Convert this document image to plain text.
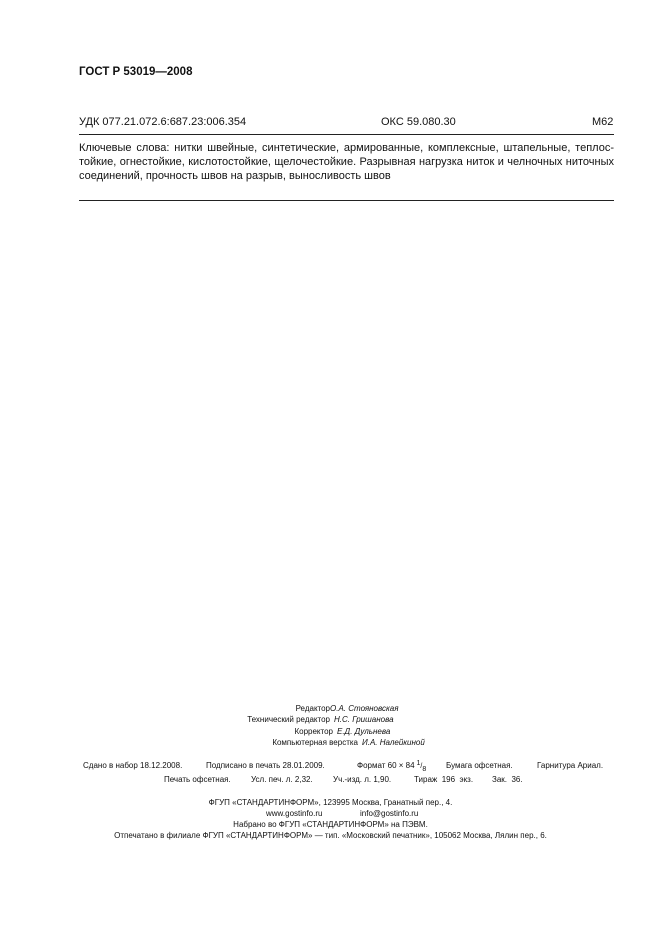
ГОСТ Р 53019—2008
УДК 077.21.072.6:687.23:006.354	ОКС 59.080.30	М62
Ключевые слова: нитки швейные, синтетические, армированные, комплексные, штапельные, теплос-
тойкие, огнестойкие, кислотостойкие, щелочестойкие. Разрывная нагрузка ниток и челночных ниточных
соединений, прочность швов на разрыв, выносливость швов
Редактор О.А. Стояновская
Технический редактор Н.С. Гришанова
Корректор Е.Д. Дульнева
Компьютерная верстка И.А. Налейкиной
Сдано в набор 18.12.2008.	Подписано в печать 28.01.2009.	Формат 60 × 84 1/8 Бумага офсетная.	Гарнитура Ариал.
Печать офсетная.	Усл. печ. л. 2,32.	Уч.-изд. л. 1,90.	Тираж  196  экз. Зак.  36.
ФГУП «СТАНДАРТИНФОРМ», 123995 Москва, Гранатный пер., 4.
www.gostinfo.ru	info@gostinfo.ru
Набрано во ФГУП «СТАНДАРТИНФОРМ» на ПЭВМ.
Отпечатано в филиале ФГУП «СТАНДАРТИНФОРМ» — тип. «Московский печатник», 105062 Москва, Лялин пер., 6.
